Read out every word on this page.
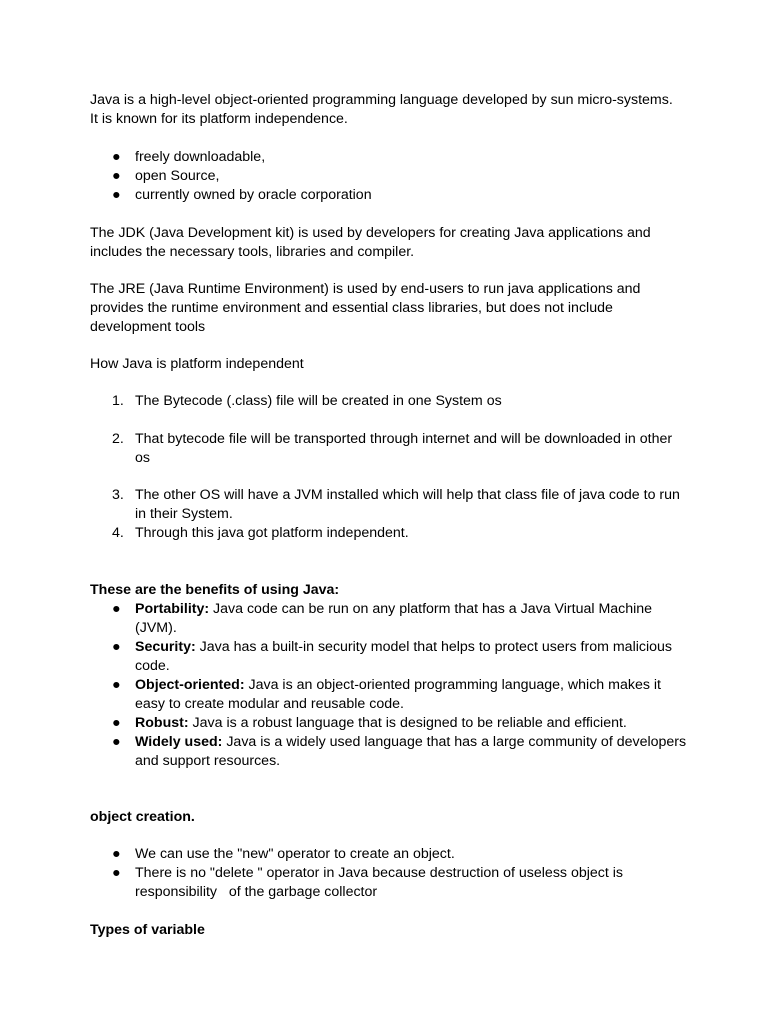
Java is a high-level object-oriented programming language developed by sun micro-systems.
It is known for its platform independence.

● freely downloadable,
● open Source,
● currently owned by oracle corporation

The JDK (Java Development kit) is used by developers for creating Java applications and
includes the necessary tools, libraries and compiler.

The JRE (Java Runtime Environment) is used by end-users to run java applications and
provides the runtime environment and essential class libraries, but does not include
development tools

How Java is platform independent

1. The Bytecode (.class) file will be created in one System os
2. That bytecode file will be transported through internet and will be downloaded in other os
3. The other OS will have a JVM installed which will help that class file of java code to run
in their System.
4. Through this java got platform independent.

These are the benefits of using Java:

● Portability: Java code can be run on any platform that has a Java Virtual Machine
(JVM).
● Security: Java has a built-in security model that helps to protect users from malicious
code.
● Object-oriented: Java is an object-oriented programming language, which makes it
easy to create modular and reusable code.
● Robust: Java is a robust language that is designed to be reliable and efficient.
● Widely used: Java is a widely used language that has a large community of developers
and support resources.

object creation.

● We can use the "new" operator to create an object.
● There is no "delete " operator in Java because destruction of useless object is
responsibility   of the garbage collector

Types of variable
